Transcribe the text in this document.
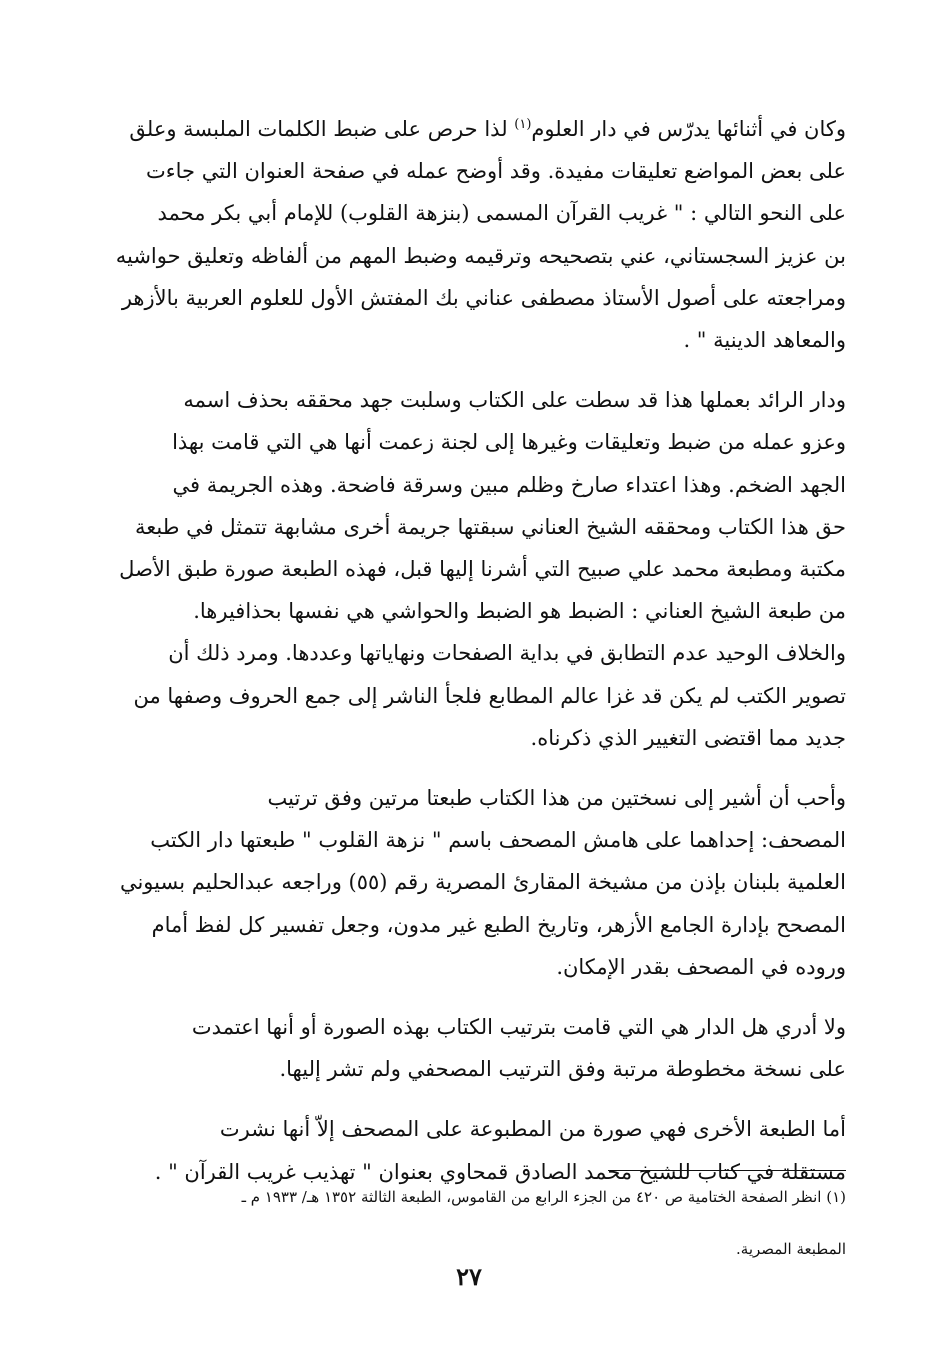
وكان في أثنائها يدرّس في دار العلوم$^{(١)}$ لذا حرص على ضبط الكلمات الملبسة وعلق
على بعض المواضع تعليقات مفيدة. وقد أوضح عمله في صفحة العنوان التي جاءت
على النحو التالي : " غريب القرآن المسمى (بنزهة القلوب) للإمام أبي بكر محمد
بن عزيز السجستاني، عني بتصحيحه وترقيمه وضبط المهم من ألفاظه وتعليق حواشيه
ومراجعته على أصول الأستاذ مصطفى عناني بك المفتش الأول للعلوم العربية بالأزهر
والمعاهد الدينية " .

ودار الرائد بعملها هذا قد سطت على الكتاب وسلبت جهد محققه بحذف اسمه
وعزو عمله من ضبط وتعليقات وغيرها إلى لجنة زعمت أنها هي التي قامت بهذا
الجهد الضخم. وهذا اعتداء صارخ وظلم مبين وسرقة فاضحة. وهذه الجريمة في
حق هذا الكتاب ومحققه الشيخ العناني سبقتها جريمة أخرى مشابهة تتمثل في طبعة
مكتبة ومطبعة محمد علي صبيح التي أشرنا إليها قبل، فهذه الطبعة صورة طبق الأصل
من طبعة الشيخ العناني : الضبط هو الضبط والحواشي هي نفسها بحذافيرها.
والخلاف الوحيد عدم التطابق في بداية الصفحات ونهاياتها وعددها. ومرد ذلك أن
تصوير الكتب لم يكن قد غزا عالم المطابع فلجأ الناشر إلى جمع الحروف وصفها من
جديد مما اقتضى التغيير الذي ذكرناه.

وأحب أن أشير إلى نسختين من هذا الكتاب طبعتا مرتين وفق ترتيب
المصحف: إحداهما على هامش المصحف باسم " نزهة القلوب " طبعتها دار الكتب
العلمية بلبنان بإذن من مشيخة المقارئ المصرية رقم (٥٥) وراجعه عبدالحليم بسيوني
المصحح بإدارة الجامع الأزهر، وتاريخ الطبع غير مدون، وجعل تفسير كل لفظ أمام
وروده في المصحف بقدر الإمكان.

ولا أدري هل الدار هي التي قامت بترتيب الكتاب بهذه الصورة أو أنها اعتمدت
على نسخة مخطوطة مرتبة وفق الترتيب المصحفي ولم تشر إليها.

أما الطبعة الأخرى فهي صورة من المطبوعة على المصحف إلاّ أنها نشرت
مستقلة في كتاب للشيخ محمد الصادق قمحاوي بعنوان " تهذيب غريب القرآن " .

(١) انظر الصفحة الختامية ص ٤٢٠ من الجزء الرابع من القاموس، الطبعة الثالثة ١٣٥٢ هـ/ ١٩٣٣ م ـ

المطبعة المصرية.
٢٧
